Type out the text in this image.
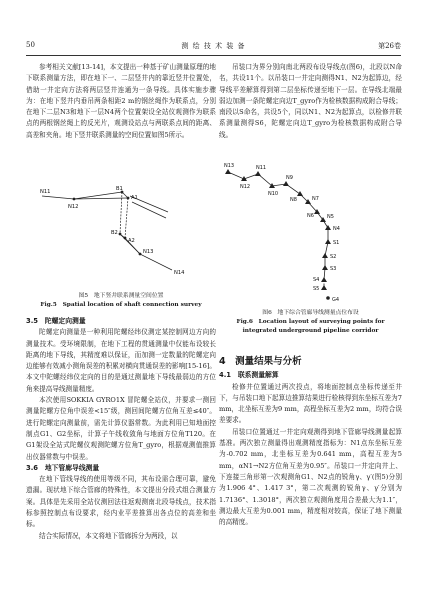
50	测 绘 技 术 装 备	第26卷

参考相关文献[13-14]，本文提出一种基于矿山测量原理的地下联系测量方法，即在地下一、二层竖井内的靠近竖井位置处，借助一井定向方法将两层竖井连通为一条导线。具体实施步骤为：在地下竖井内垂吊两条相距2 m的钢丝绳作为联系点，分别在地下二层N3和地下一层N4两个位置架设全站仪观测作为联系点的两根钢丝绳上的反光片，观测设站点与两联系点间的距离、高差和夹角。地下竖井联系测量的空间位置如图5所示。

N11
N12
B1
A1
A2
B2
N13
N14
图5　地下竖井联系测量空间位置
Fig.5　Spatial location of shaft connection survey
3.5　陀螺定向测量

陀螺定向测量是一种利用陀螺经纬仪测定某控制网边方向的测量技术。受环境限制，在地下工程的贯通测量中仅能布设较长距离的地下导线，其精度难以保证，而加测一定数量的陀螺定向边能够有效减小测角误差的积累对横向贯通误差的影响[15-16]。本文中陀螺经纬仪定向的目的是通过测量地下导线最弱边的方位角来提高导线测量精度。

本次使用SOKKIA GYRO1X 冒陀螺全站仪，并要求一测回测量陀螺方位角中误差<15″级，测回间陀螺方位角互差≤40″。进行陀螺定向测量前，需先计算仪器常数。为此利用已知地面控制点G1、G2坐标，计算子午线收敛角与地面方位角T120。在G1架设全站式陀螺仪观测陀螺方位角T_gyro，根据观测值推算出仪器常数与中误差。

3.6　地下管廊导线测量

在地下管线导线的使用等级不同，其布设需合理可靠，避免遗漏。现状地下综合管廊的特殊性，本文提出分段式组合测量方案。具体是先采用全站仪测回法往返观测南北段导线点，技术指标参照控制点布设要求，经内业平差推算出各点位的高差和坐标。

结合实际情况，本文将地下管廊拆分为两段，以

吊装口为界分别向南北两段布设导线点(图6)，北段以N命名，共设11个。以吊装口一井定向测得N1、N2为起算边，经导线平差解算得到第二层坐标传递至地下一层。在导线北端最弱边加测一条陀螺定向边T_gyro作为检核数据构成附合导线；南段以S命名，共设5个，同以N1、N2为起算点，以检修井联系测量测得S6，陀螺定向边T_gyro为检核数据构成附合导线。

N13
N12
N11
N10
N9
N8	N7
N6	N5
N4
S1
S2
S3
S4
S5
G4
图6　地下综合管廊导线测量点位布设
Fig.6　Location layout of surveying points for integrated underground pipeline corridor
4　测量结果与分析
4.1　联系测量解算

检修井位置通过两次投点，将地面控制点坐标传递至井下，与吊装口地下起算边推算结果进行检核得到东坐标互差为7 mm，北坐标互差为9 mm，高程坐标互差为2 mm，均符合误差要求。

吊装口位置通过一井定向观测得到地下管廊导线测量起算基准。两次独立测量得出观测精度指标为：N1点东坐标互差为-0.702 mm，北坐标互差为0.641 mm，高程互差为5 mm，αN1→N2方位角互差为0.95″。吊装口一井定向井上、下连接三角形第一次观测角G1、N2点的锐角γ、γ′(图5)分别为1.906 4°、1.417 3°，第二次观测的锐角γ、γ′分别为1.7136°、1.3018°，两次独立观测角度用合差最大为1.1″，测边最大互差为0.001 mm，精度相对较高，保证了地下测量的高精度。
